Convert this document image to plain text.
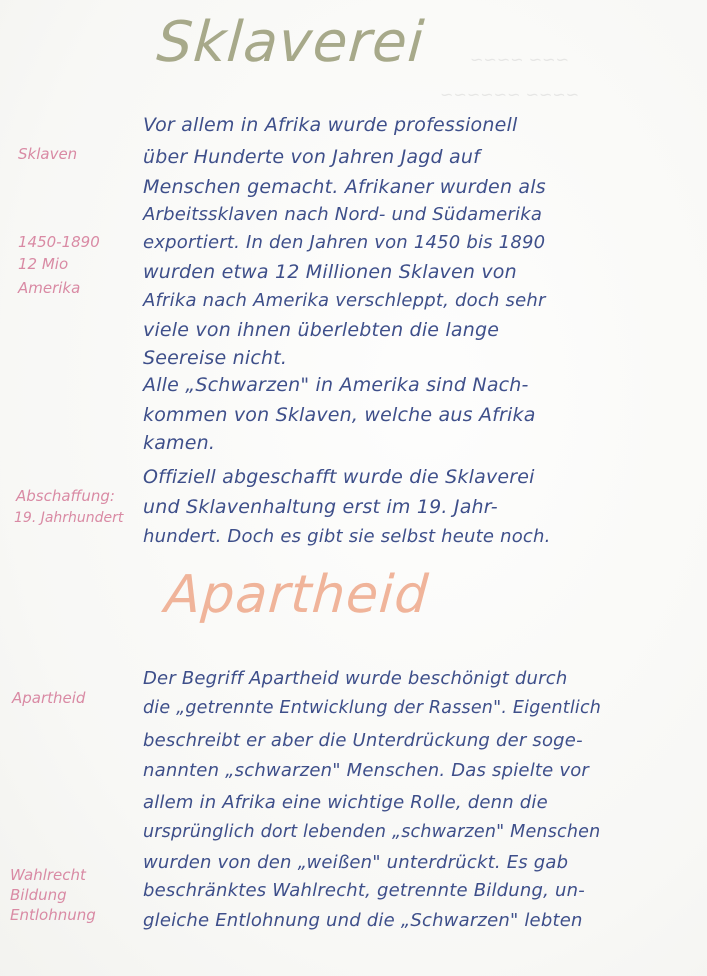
~~~ ~~~~
~~~~ ~~~~~~
Sklaverei
Sklaven
1450-1890
12 Mio
Amerika
Abschaffung:
19. Jahrhundert
Vor allem in Afrika wurde professionell
über Hunderte von Jahren Jagd auf
Menschen gemacht. Afrikaner wurden als
Arbeitssklaven nach Nord- und Südamerika
exportiert. In den Jahren von 1450 bis 1890
wurden etwa 12 Millionen Sklaven von
Afrika nach Amerika verschleppt, doch sehr
viele von ihnen überlebten die lange
Seereise nicht.
Alle „Schwarzen" in Amerika sind Nach-
kommen von Sklaven, welche aus Afrika
kamen.
Offiziell abgeschafft wurde die Sklaverei
und Sklavenhaltung erst im 19. Jahr-
hundert. Doch es gibt sie selbst heute noch.
Apartheid
Apartheid
Wahlrecht
Bildung
Entlohnung
Der Begriff Apartheid wurde beschönigt durch
die „getrennte Entwicklung der Rassen". Eigentlich
beschreibt er aber die Unterdrückung der soge-
nannten „schwarzen" Menschen. Das spielte vor
allem in Afrika eine wichtige Rolle, denn die
ursprünglich dort lebenden „schwarzen" Menschen
wurden von den „weißen" unterdrückt. Es gab
beschränktes Wahlrecht, getrennte Bildung, un-
gleiche Entlohnung und die „Schwarzen" lebten
